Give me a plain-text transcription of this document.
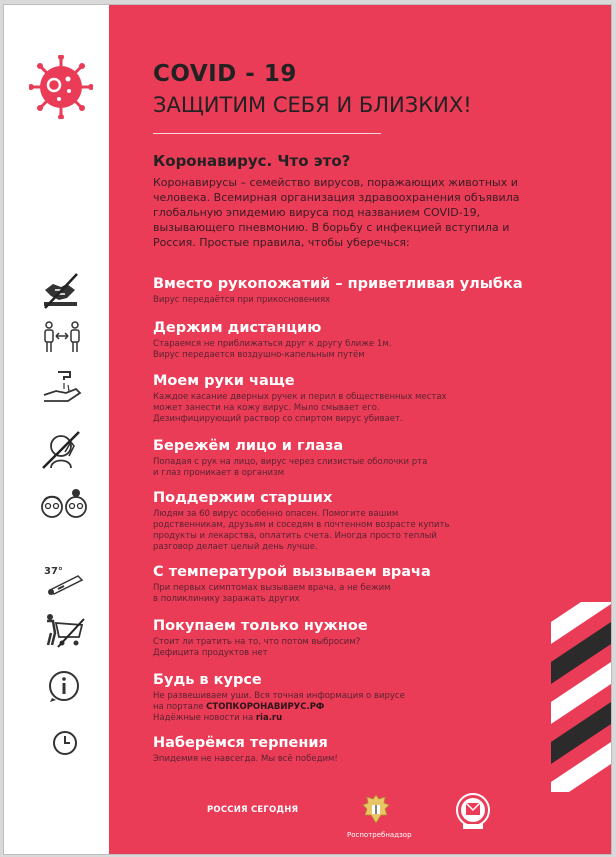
37°
COVID - 19
ЗАЩИТИМ СЕБЯ И БЛИЗКИХ!
Коронавирус. Что это?
Коронавирусы – семейство вирусов, поражающих животных и человека. Всемирная организация здравоохранения объявила глобальную эпидемию вируса под названием COVID-19, вызывающего пневмонию. В борьбу с инфекцией вступила и Россия. Простые правила, чтобы уберечься:
Вместо рукопожатий – приветливая улыбка

Вирус передаётся при прикосновениях

Держим дистанцию

Стараемся не приближаться друг к другу ближе 1м.
Вирус передается воздушно-капельным путём

Моем руки чаще

Каждое касание дверных ручек и перил в общественных местах
может занести на кожу вирус. Мыло смывает его.
Дезинфицирующий раствор со спиртом вирус убивает.

Бережём лицо и глаза

Попадая с рук на лицо, вирус через слизистые оболочки рта
и глаз проникает в организм

Поддержим старших

Людям за 60 вирус особенно опасен. Помогите вашим
родственникам, друзьям и соседям в почтенном возрасте купить
продукты и лекарства, оплатить счета. Иногда просто теплый
разговор делает целый день лучше.

С температурой вызываем врача

При первых симптомах вызываем врача, а не бежим
в поликлинику заражать других

Покупаем только нужное

Стоит ли тратить на то, что потом выбросим?
Дефицита продуктов нет

Будь в курсе

Не развешиваем уши. Вся точная информация о вирусе
на портале СТОПКОРОНАВИРУС.РФ
Надёжные новости на ria.ru

Наберёмся терпения

Эпидемия не навсегда. Мы всё победим!

РОССИЯ СЕГОДНЯ
Роспотребнадзор
